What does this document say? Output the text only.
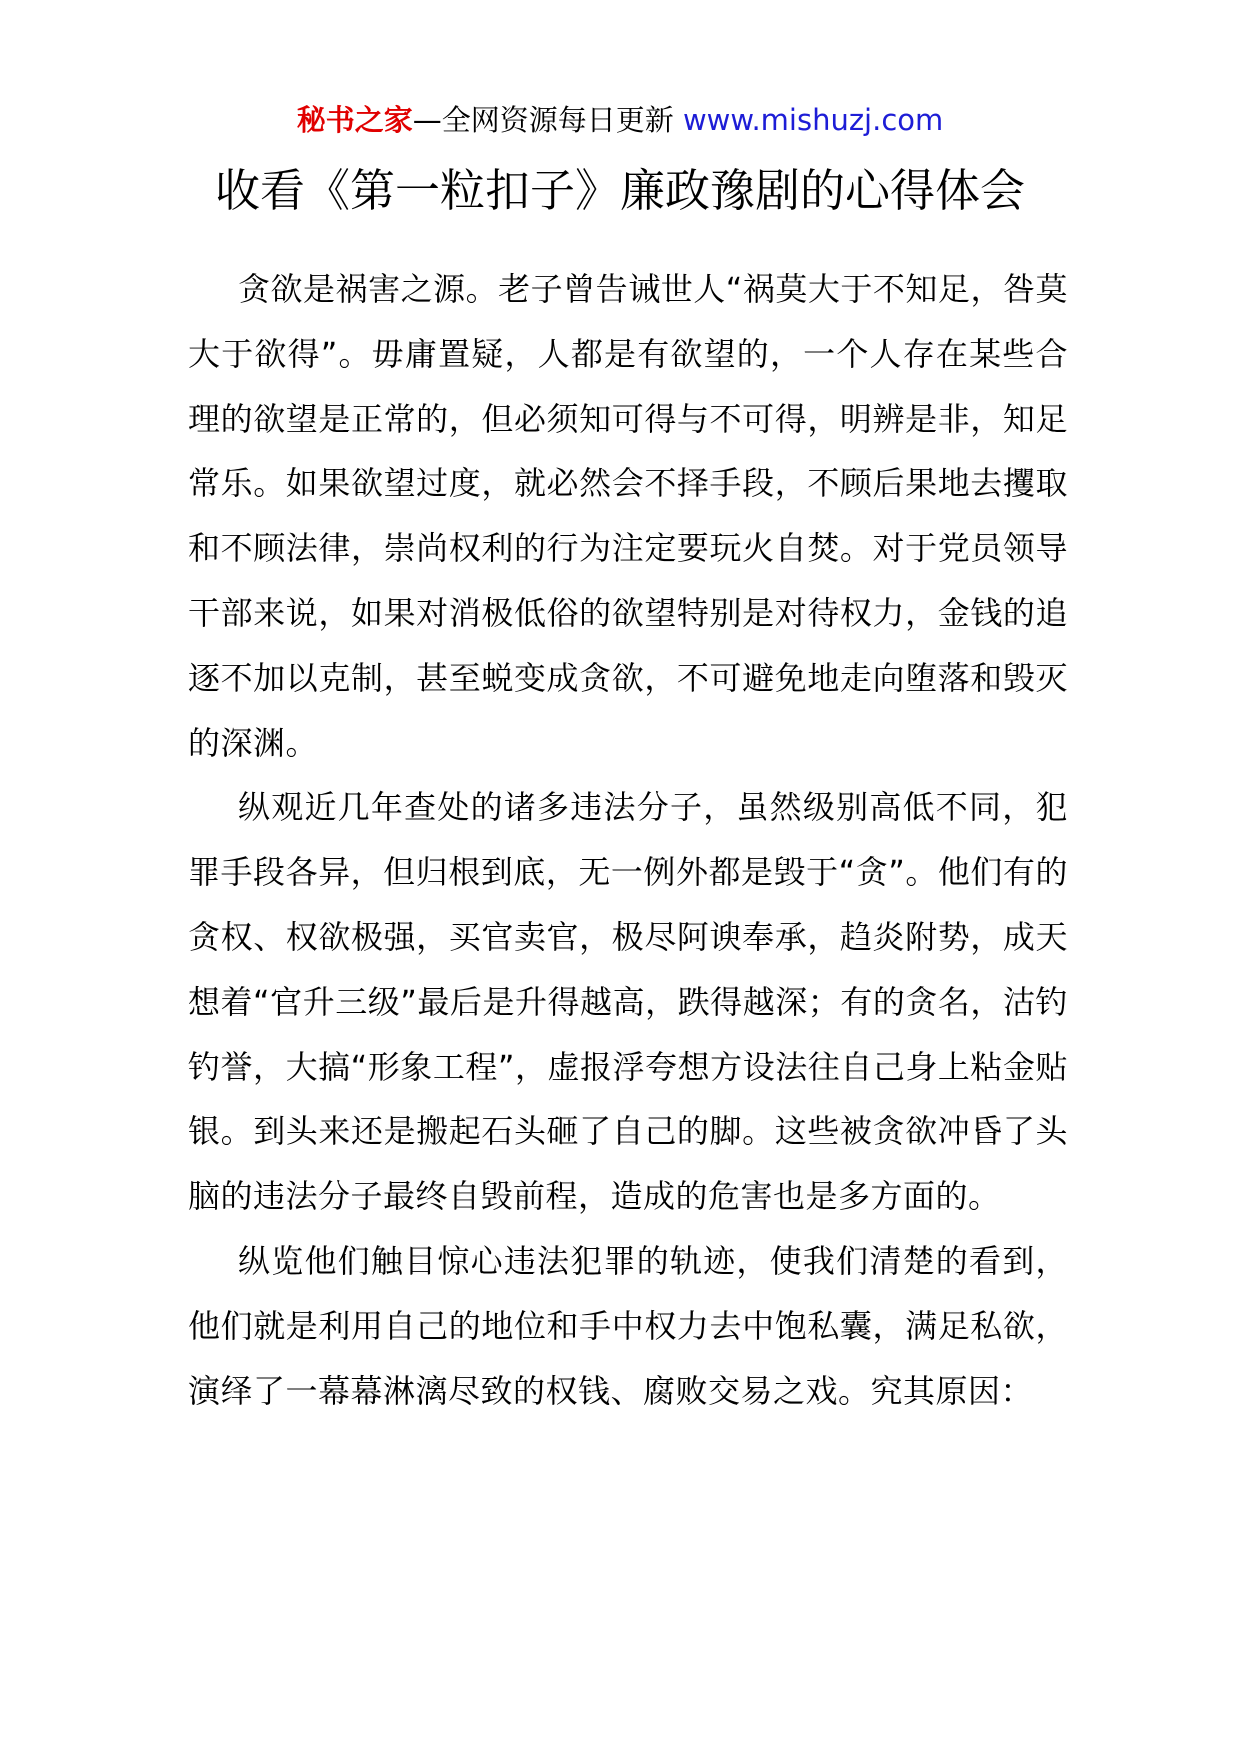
秘书之家—全网资源每日更新 www.mishuzj.com
收看《第一粒扣子》廉政豫剧的心得体会

贪欲是祸害之源。老子曾告诫世人“祸莫大于不知足，咎莫大于欲得”。毋庸置疑，人都是有欲望的，一个人存在某些合理的欲望是正常的，但必须知可得与不可得，明辨是非，知足常乐。如果欲望过度，就必然会不择手段，不顾后果地去攫取和不顾法律，崇尚权利的行为注定要玩火自焚。对于党员领导干部来说，如果对消极低俗的欲望特别是对待权力，金钱的追逐不加以克制，甚至蜕变成贪欲，不可避免地走向堕落和毁灭的深渊。

纵观近几年查处的诸多违法分子，虽然级别高低不同，犯罪手段各异，但归根到底，无一例外都是毁于“贪”。他们有的贪权、权欲极强，买官卖官，极尽阿谀奉承，趋炎附势，成天想着“官升三级”最后是升得越高，跌得越深；有的贪名，沽钓钓誉，大搞“形象工程”，虚报浮夸想方设法往自己身上粘金贴银。到头来还是搬起石头砸了自己的脚。这些被贪欲冲昏了头脑的违法分子最终自毁前程，造成的危害也是多方面的。

纵览他们触目惊心违法犯罪的轨迹，使我们清楚的看到，他们就是利用自己的地位和手中权力去中饱私囊，满足私欲，演绎了一幕幕淋漓尽致的权钱、腐败交易之戏。究其原因：
